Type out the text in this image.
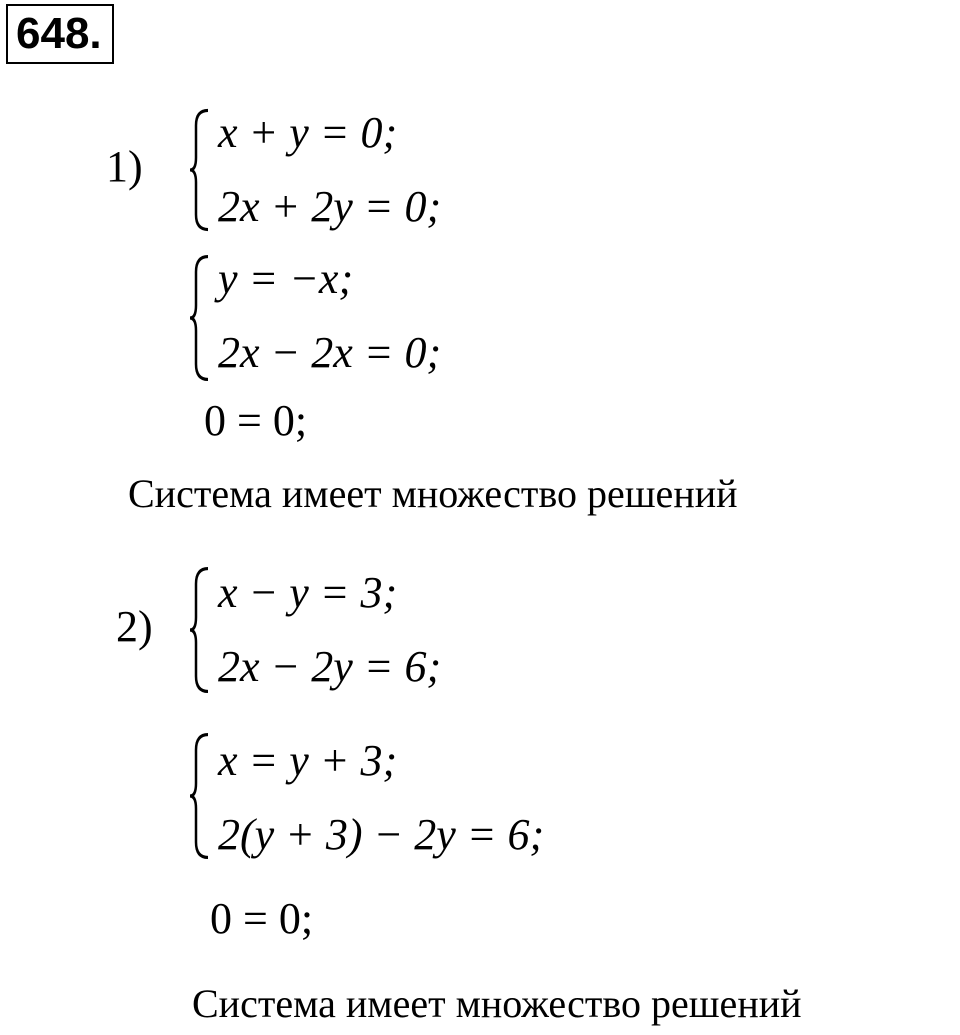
648.
1)
x + y = 0;
2x + 2y = 0;
y = −x;
2x − 2x = 0;
0 = 0;
Система имеет множество решений
2)
x − y = 3;
2x − 2y = 6;
x = y + 3;
2(y + 3) − 2y = 6;
0 = 0;
Система имеет множество решений
